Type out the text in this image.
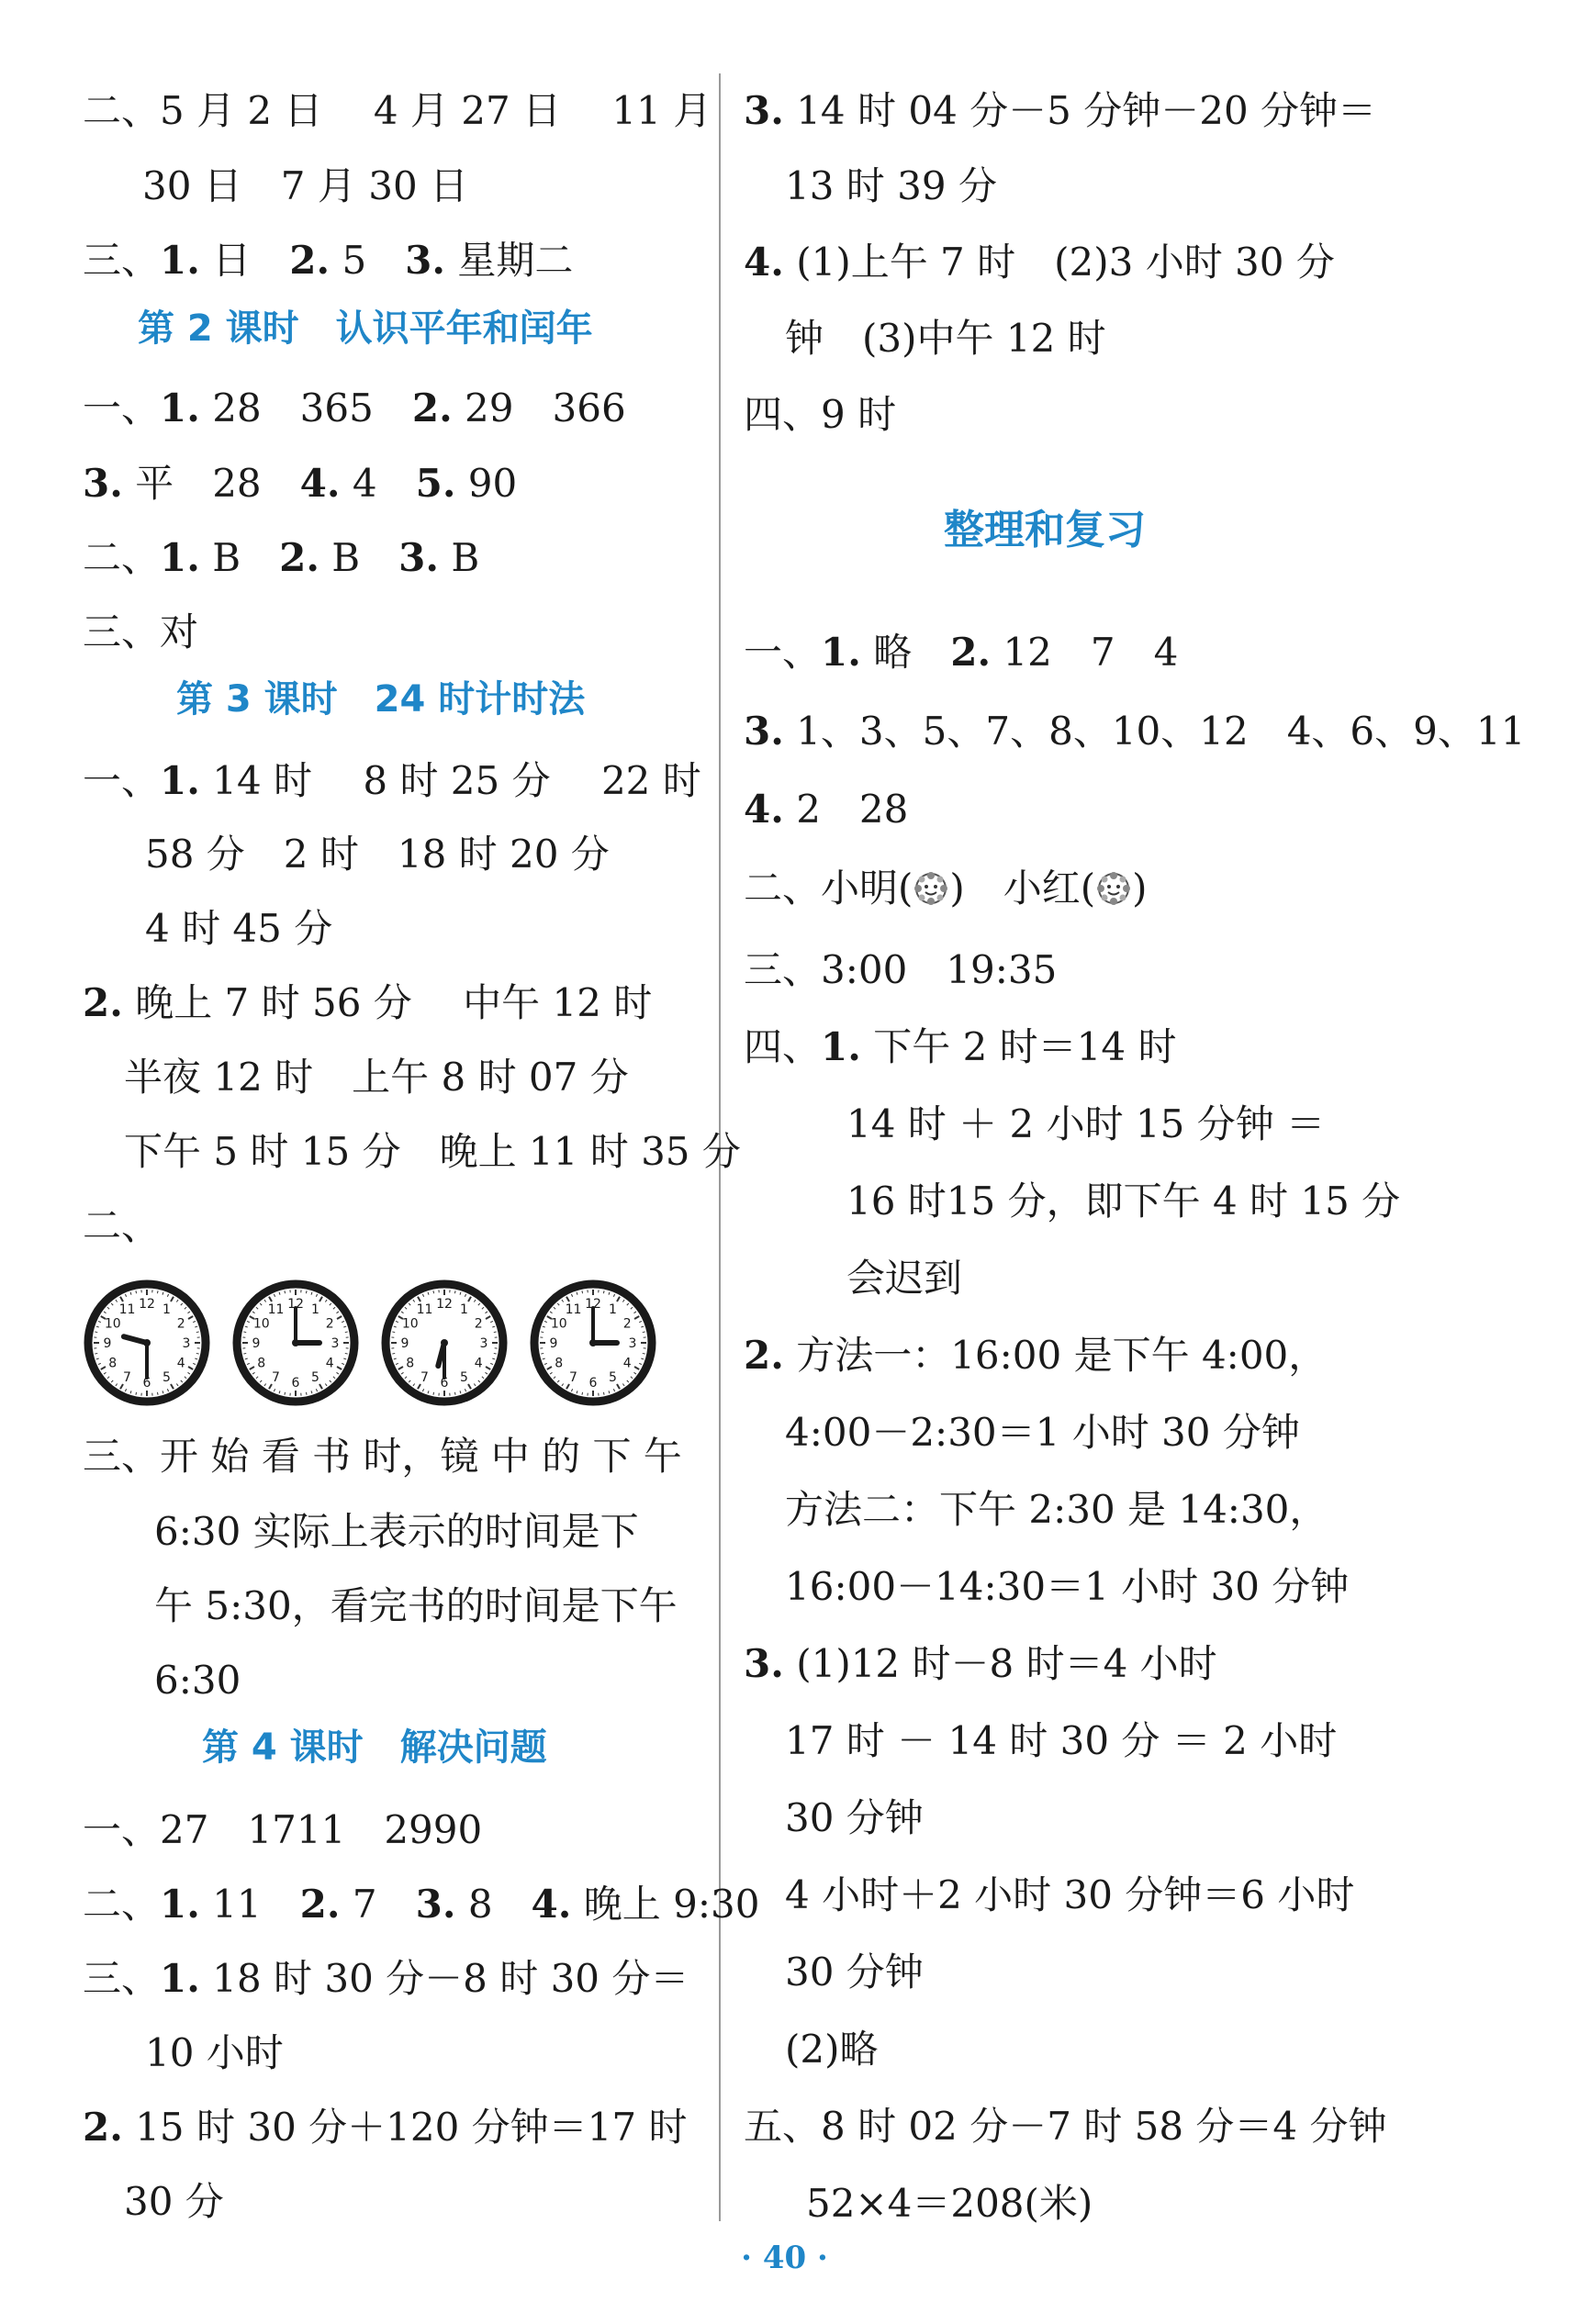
二、5 月 2 日　 4 月 27 日　 11 月
30 日　7 月 30 日
三、1. 日　2. 5　3. 星期二
第 2 课时　认识平年和闰年
一、1. 28　365　2. 29　366
3. 平　28　4. 4　5. 90
二、1. B　2. B　3. B
三、对
第 3 课时　24 时计时法
一、1. 14 时　 8 时 25 分　 22 时
58 分　2 时　18 时 20 分
4 时 45 分
2. 晚上 7 时 56 分　 中午 12 时
半夜 12 时　上午 8 时 07 分
下午 5 时 15 分　晚上 11 时 35 分
二、
1
2
3
4
5
6
7
8
9
10
11 12	1
2
3
4
5
6
7
8
9
10
11 12	1
2
3
4
5
6
7
8
9
10
11 12	1
2
3
4
5
6
7
8
9
10
11 12
三、开 始 看 书 时，镜 中 的 下 午
6:30 实际上表示的时间是下
午 5:30，看完书的时间是下午
6:30
第 4 课时　解决问题
一、27　1711　2990
二、1. 11　2. 7　3. 8　4. 晚上 9:30
三、1. 18 时 30 分－8 时 30 分＝
10 小时
2. 15 时 30 分＋120 分钟＝17 时
30 分
3. 14 时 04 分－5 分钟－20 分钟＝
13 时 39 分
4. (1)上午 7 时　(2)3 小时 30 分
钟　(3)中午 12 时
四、9 时
整理和复习
一、1. 略　2. 12　7　4
3. 1、3、5、7、8、10、12　4、6、9、11
4. 2　28
二、小明( )　小红( )
三、3:00　19:35
四、1. 下午 2 时＝14 时
14 时 ＋ 2 小时 15 分钟 ＝
16 时15 分，即下午 4 时 15 分
会迟到
2. 方法一：16:00 是下午 4:00，
4:00－2:30＝1 小时 30 分钟
方法二：下午 2:30 是 14:30，
16:00－14:30＝1 小时 30 分钟
3. (1)12 时－8 时＝4 小时
17 时 － 14 时 30 分 ＝ 2 小时
30 分钟
4 小时＋2 小时 30 分钟＝6 小时
30 分钟
(2)略
五、8 时 02 分－7 时 58 分＝4 分钟
52×4＝208(米)
· 40 ·
